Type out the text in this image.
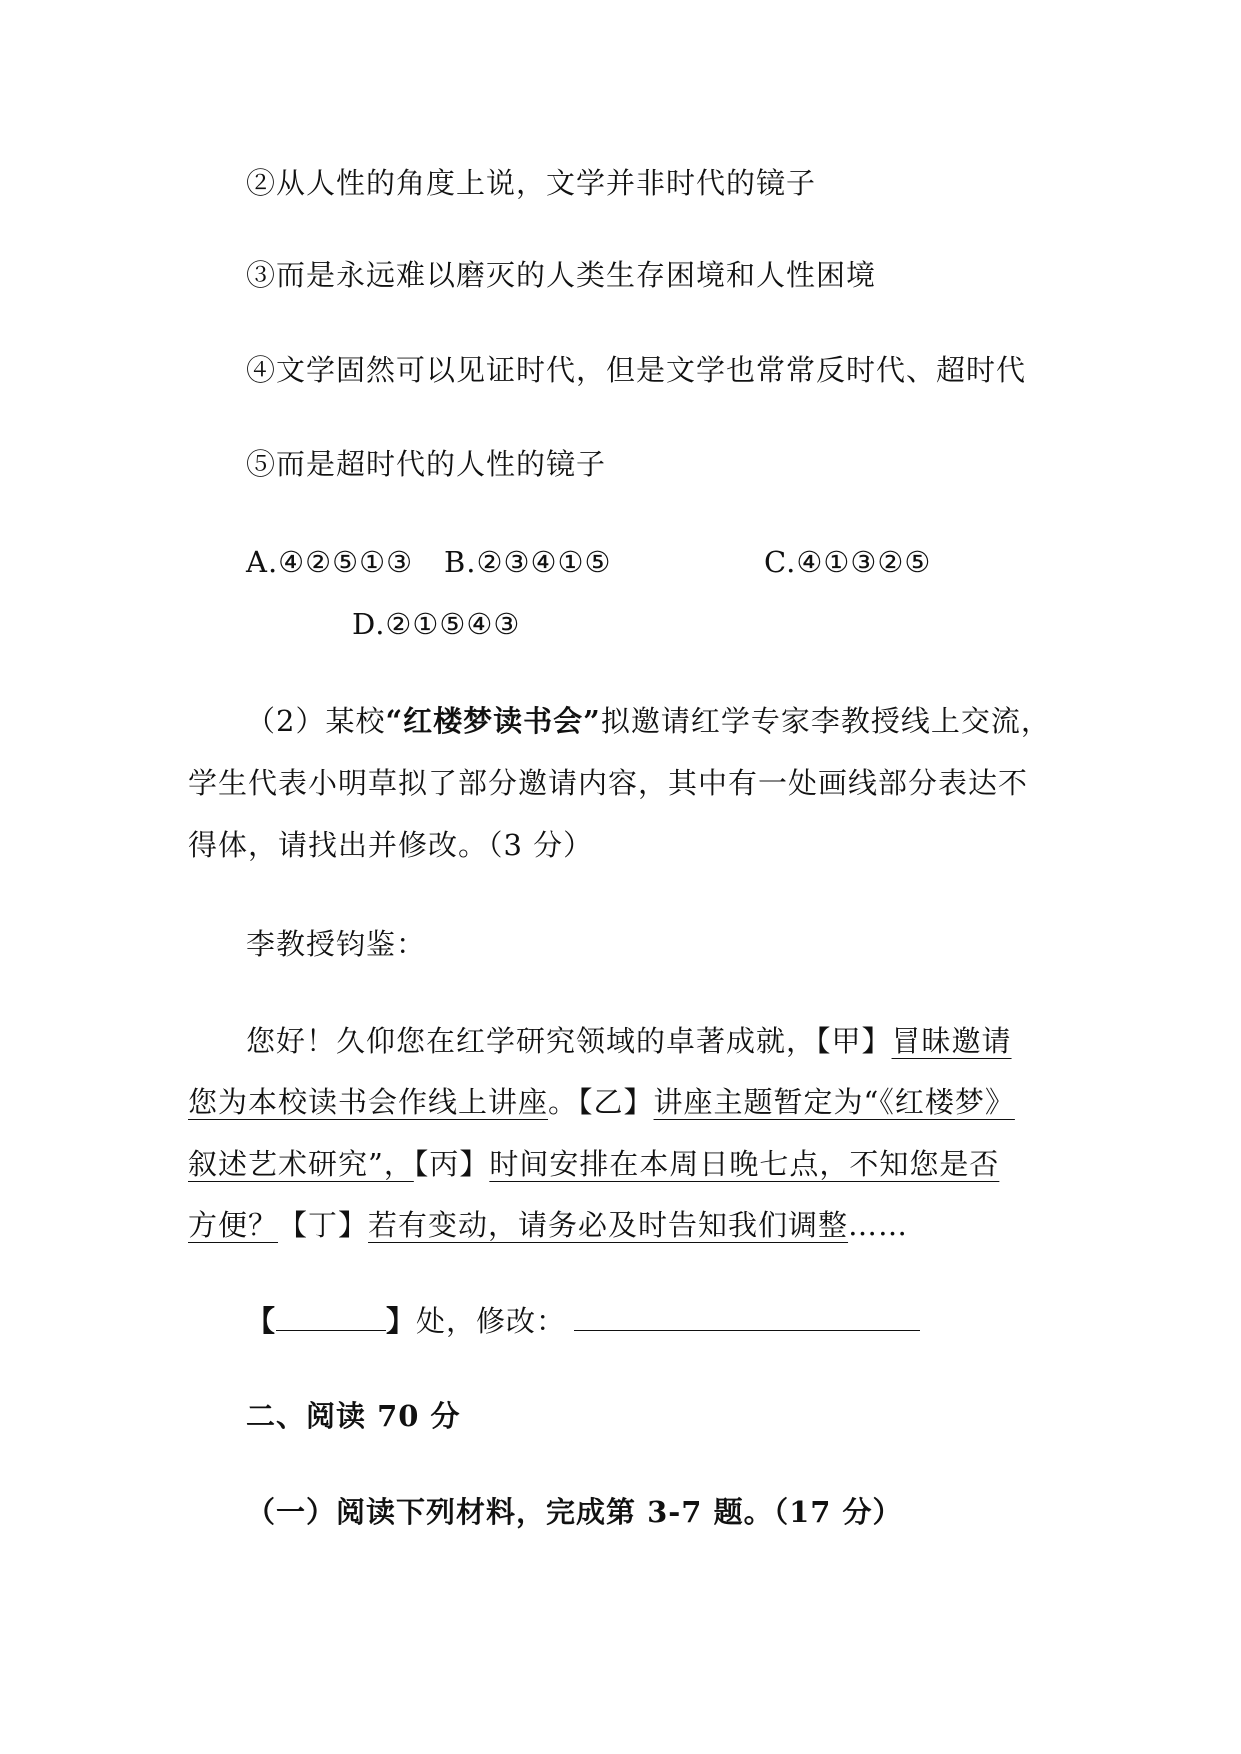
②从人性的角度上说，文学并非时代的镜子
③而是永远难以磨灭的人类生存困境和人性困境
④文学固然可以见证时代，但是文学也常常反时代、超时代
⑤而是超时代的人性的镜子
A.④②⑤①③ B.②③④①⑤	C.④①③②⑤
D.②①⑤④③
（2）某校“红楼梦读书会”拟邀请红学专家李教授线上交流，
学生代表小明草拟了部分邀请内容，其中有一处画线部分表达不
得体，请找出并修改。（3 分）
李教授钧鉴：
您好！久仰您在红学研究领域的卓著成就，【甲】冒昧邀请
您为本校读书会作线上讲座。【乙】讲座主题暂定为“《红楼梦》
叙述艺术研究”，【丙】时间安排在本周日晚七点，不知您是否
方便？【丁】若有变动，请务必及时告知我们调整……
【	】处，修改：
二、阅读 70 分
（一）阅读下列材料，完成第 3-7 题。（17 分）
